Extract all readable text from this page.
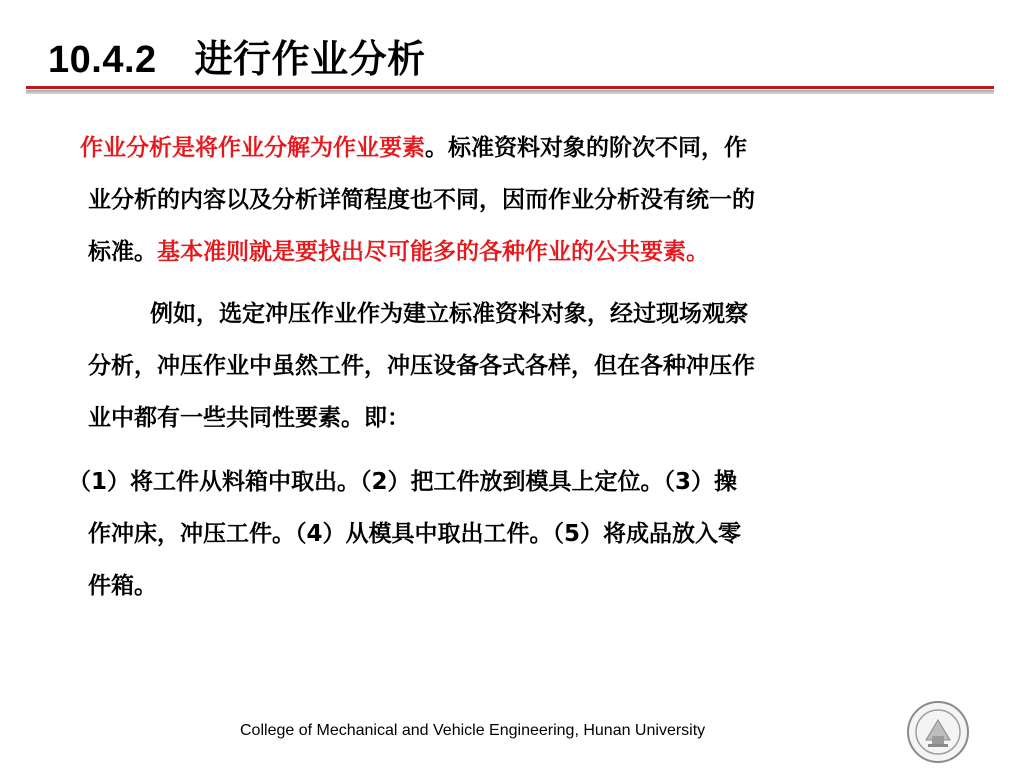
10.4.2 进行作业分析
作业分析是将作业分解为作业要素。标准资料对象的阶次不同，作
业分析的内容以及分析详简程度也不同，因而作业分析没有统一的
标准。基本准则就是要找出尽可能多的各种作业的公共要素。
例如，选定冲压作业作为建立标准资料对象，经过现场观察
分析，冲压作业中虽然工件，冲压设备各式各样，但在各种冲压作
业中都有一些共同性要素。即：
（1）将工件从料箱中取出。（2）把工件放到模具上定位。（3）操
作冲床，冲压工件。（4）从模具中取出工件。（5）将成品放入零
件箱。
College of Mechanical and Vehicle Engineering, Hunan University
